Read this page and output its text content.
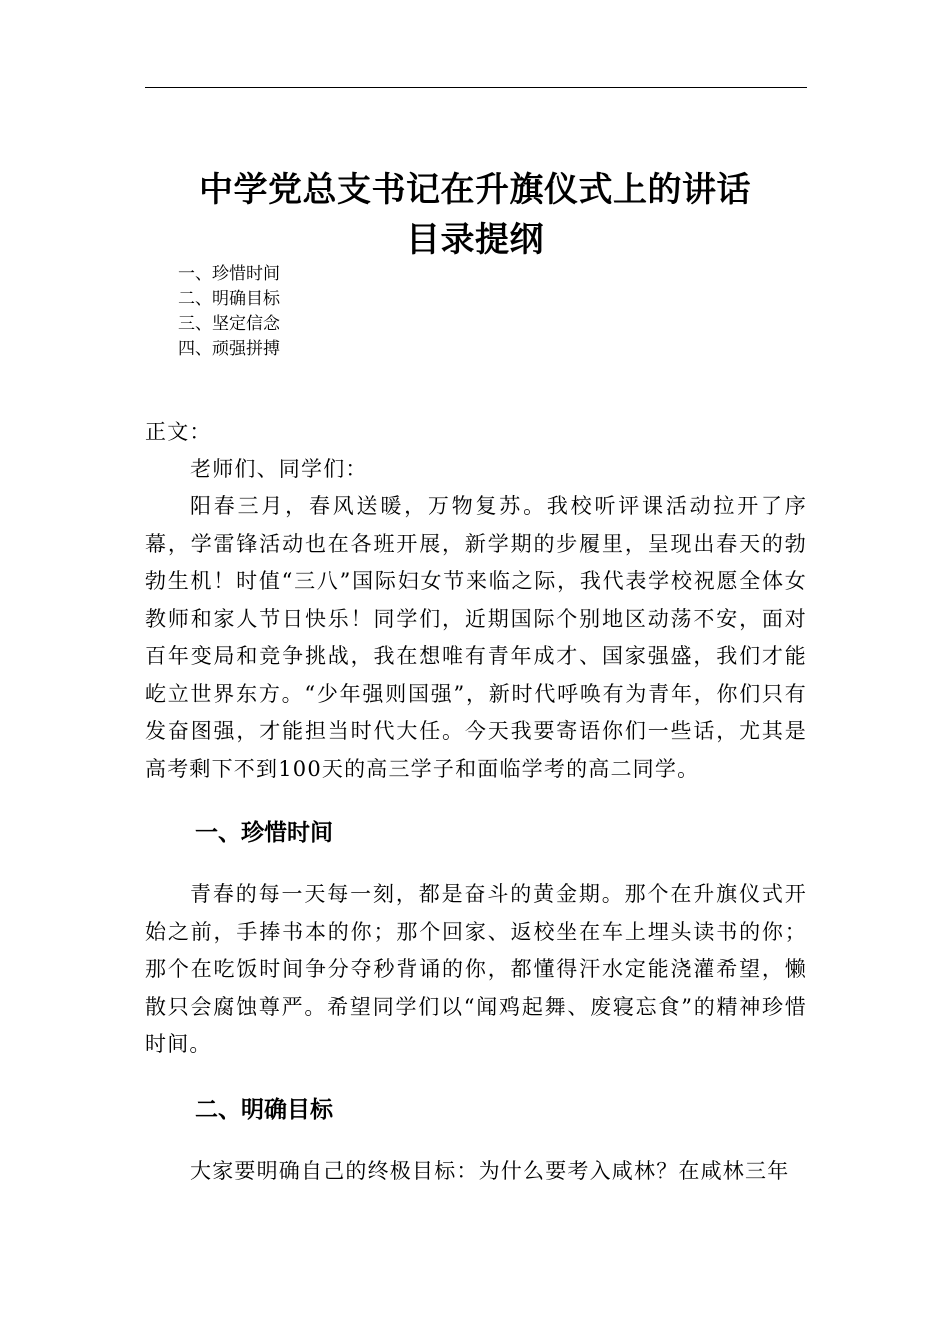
中学党总支书记在升旗仪式上的讲话
目录提纲
一、珍惜时间
二、明确目标
三、坚定信念
四、顽强拼搏
正文：
老师们、同学们：

阳春三月，春风送暖，万物复苏。我校听评课活动拉开了序幕，学雷锋活动也在各班开展，新学期的步履里，呈现出春天的勃勃生机！时值“三八”国际妇女节来临之际，我代表学校祝愿全体女教师和家人节日快乐！同学们，近期国际个别地区动荡不安，面对百年变局和竞争挑战，我在想唯有青年成才、国家强盛，我们才能屹立世界东方。“少年强则国强”，新时代呼唤有为青年，你们只有发奋图强，才能担当时代大任。今天我要寄语你们一些话，尤其是高考剩下不到100天的高三学子和面临学考的高二同学。

一、珍惜时间

青春的每一天每一刻，都是奋斗的黄金期。那个在升旗仪式开始之前，手捧书本的你；那个回家、返校坐在车上埋头读书的你；那个在吃饭时间争分夺秒背诵的你，都懂得汗水定能浇灌希望，懒散只会腐蚀尊严。希望同学们以“闻鸡起舞、废寝忘食”的精神珍惜时间。

二、明确目标

大家要明确自己的终极目标：为什么要考入咸林？在咸林三年
